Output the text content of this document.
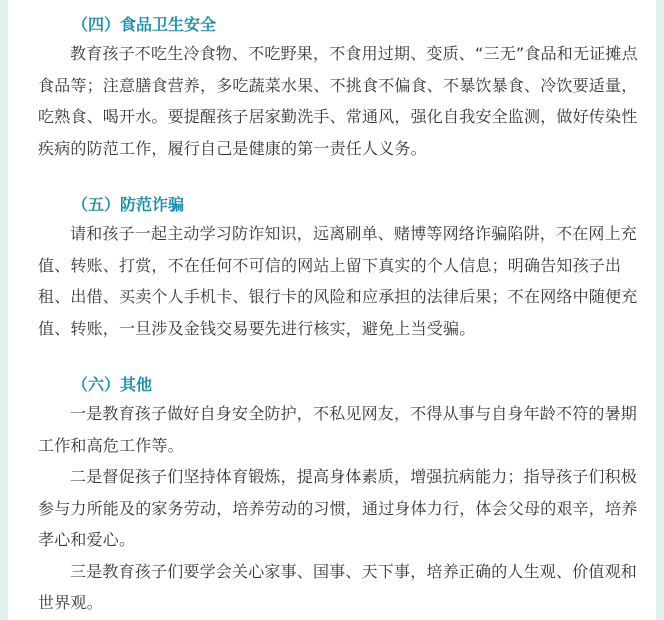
（四）食品卫生安全

教育孩子不吃生冷食物、不吃野果，不食用过期、变质、“三无”食品和无证摊点食品等；注意膳食营养，多吃蔬菜水果、不挑食不偏食、不暴饮暴食、冷饮要适量，吃熟食、喝开水。要提醒孩子居家勤洗手、常通风，强化自我安全监测，做好传染性疾病的防范工作，履行自己是健康的第一责任人义务。

（五）防范诈骗

请和孩子一起主动学习防诈知识，远离刷单、赌博等网络诈骗陷阱，不在网上充值、转账、打赏，不在任何不可信的网站上留下真实的个人信息；明确告知孩子出租、出借、买卖个人手机卡、银行卡的风险和应承担的法律后果；不在网络中随便充值、转账，一旦涉及金钱交易要先进行核实，避免上当受骗。

（六）其他

一是教育孩子做好自身安全防护，不私见网友，不得从事与自身年龄不符的暑期工作和高危工作等。

二是督促孩子们坚持体育锻炼，提高身体素质，增强抗病能力；指导孩子们积极参与力所能及的家务劳动，培养劳动的习惯，通过身体力行，体会父母的艰辛，培养孝心和爱心。

三是教育孩子们要学会关心家事、国事、天下事，培养正确的人生观、价值观和世界观。
